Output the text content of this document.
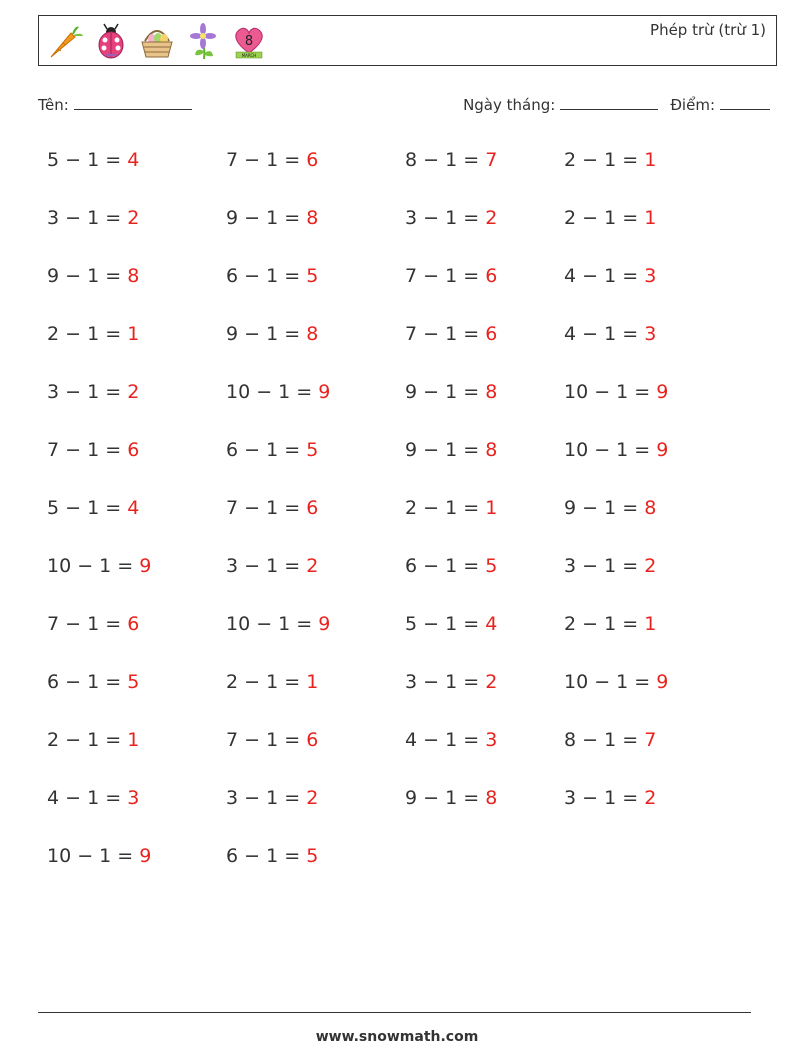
8
MARCH
Phép trừ (trừ 1)
Tên:	Ngày tháng:	Điểm:
5 − 1 = 4	7 − 1 = 6	8 − 1 = 7	2 − 1 = 1
3 − 1 = 2	9 − 1 = 8	3 − 1 = 2	2 − 1 = 1
9 − 1 = 8	6 − 1 = 5	7 − 1 = 6	4 − 1 = 3
2 − 1 = 1	9 − 1 = 8	7 − 1 = 6	4 − 1 = 3
3 − 1 = 2	10 − 1 = 9	9 − 1 = 8	10 − 1 = 9
7 − 1 = 6	6 − 1 = 5	9 − 1 = 8	10 − 1 = 9
5 − 1 = 4	7 − 1 = 6	2 − 1 = 1	9 − 1 = 8
10 − 1 = 9	3 − 1 = 2	6 − 1 = 5	3 − 1 = 2
7 − 1 = 6	10 − 1 = 9	5 − 1 = 4	2 − 1 = 1
6 − 1 = 5	2 − 1 = 1	3 − 1 = 2	10 − 1 = 9
2 − 1 = 1	7 − 1 = 6	4 − 1 = 3	8 − 1 = 7
4 − 1 = 3	3 − 1 = 2	9 − 1 = 8	3 − 1 = 2
10 − 1 = 9	6 − 1 = 5
www.snowmath.com
